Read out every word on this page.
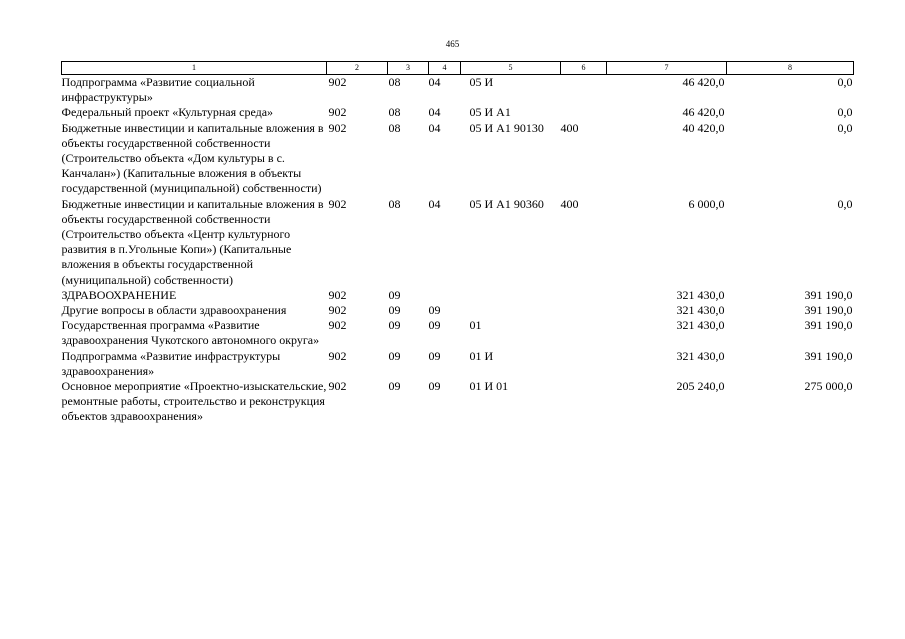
465
1	2	3	4	5	6	7	8
Подпрограмма «Развитие социальной инфраструктуры»	902	08	04	05 И		46 420,0	0,0
Федеральный проект «Культурная среда»	902	08	04	05 И А1		46 420,0	0,0
Бюджетные инвестиции и капитальные вложения в объекты государственной собственности (Строительство объекта «Дом культуры в с. Канчалан») (Капитальные вложения в объекты государственной (муниципальной) собственности)	902	08	04	05 И А1 90130	400	40 420,0	0,0
Бюджетные инвестиции и капитальные вложения в объекты государственной собственности (Строительство объекта «Центр культурного развития в п.Угольные Копи») (Капитальные вложения в объекты государственной (муниципальной) собственности)	902	08	04	05 И А1 90360	400	6 000,0	0,0
ЗДРАВООХРАНЕНИЕ	902	09				321 430,0	391 190,0
Другие вопросы в области здравоохранения	902	09	09			321 430,0	391 190,0
Государственная программа «Развитие здравоохранения Чукотского автономного округа»	902	09	09	01		321 430,0	391 190,0
Подпрограмма «Развитие инфраструктуры здравоохранения»	902	09	09	01 И		321 430,0	391 190,0
Основное мероприятие «Проектно-изыскательские, ремонтные работы, строительство и реконструкция объектов здравоохранения»	902	09	09	01 И 01		205 240,0	275 000,0
